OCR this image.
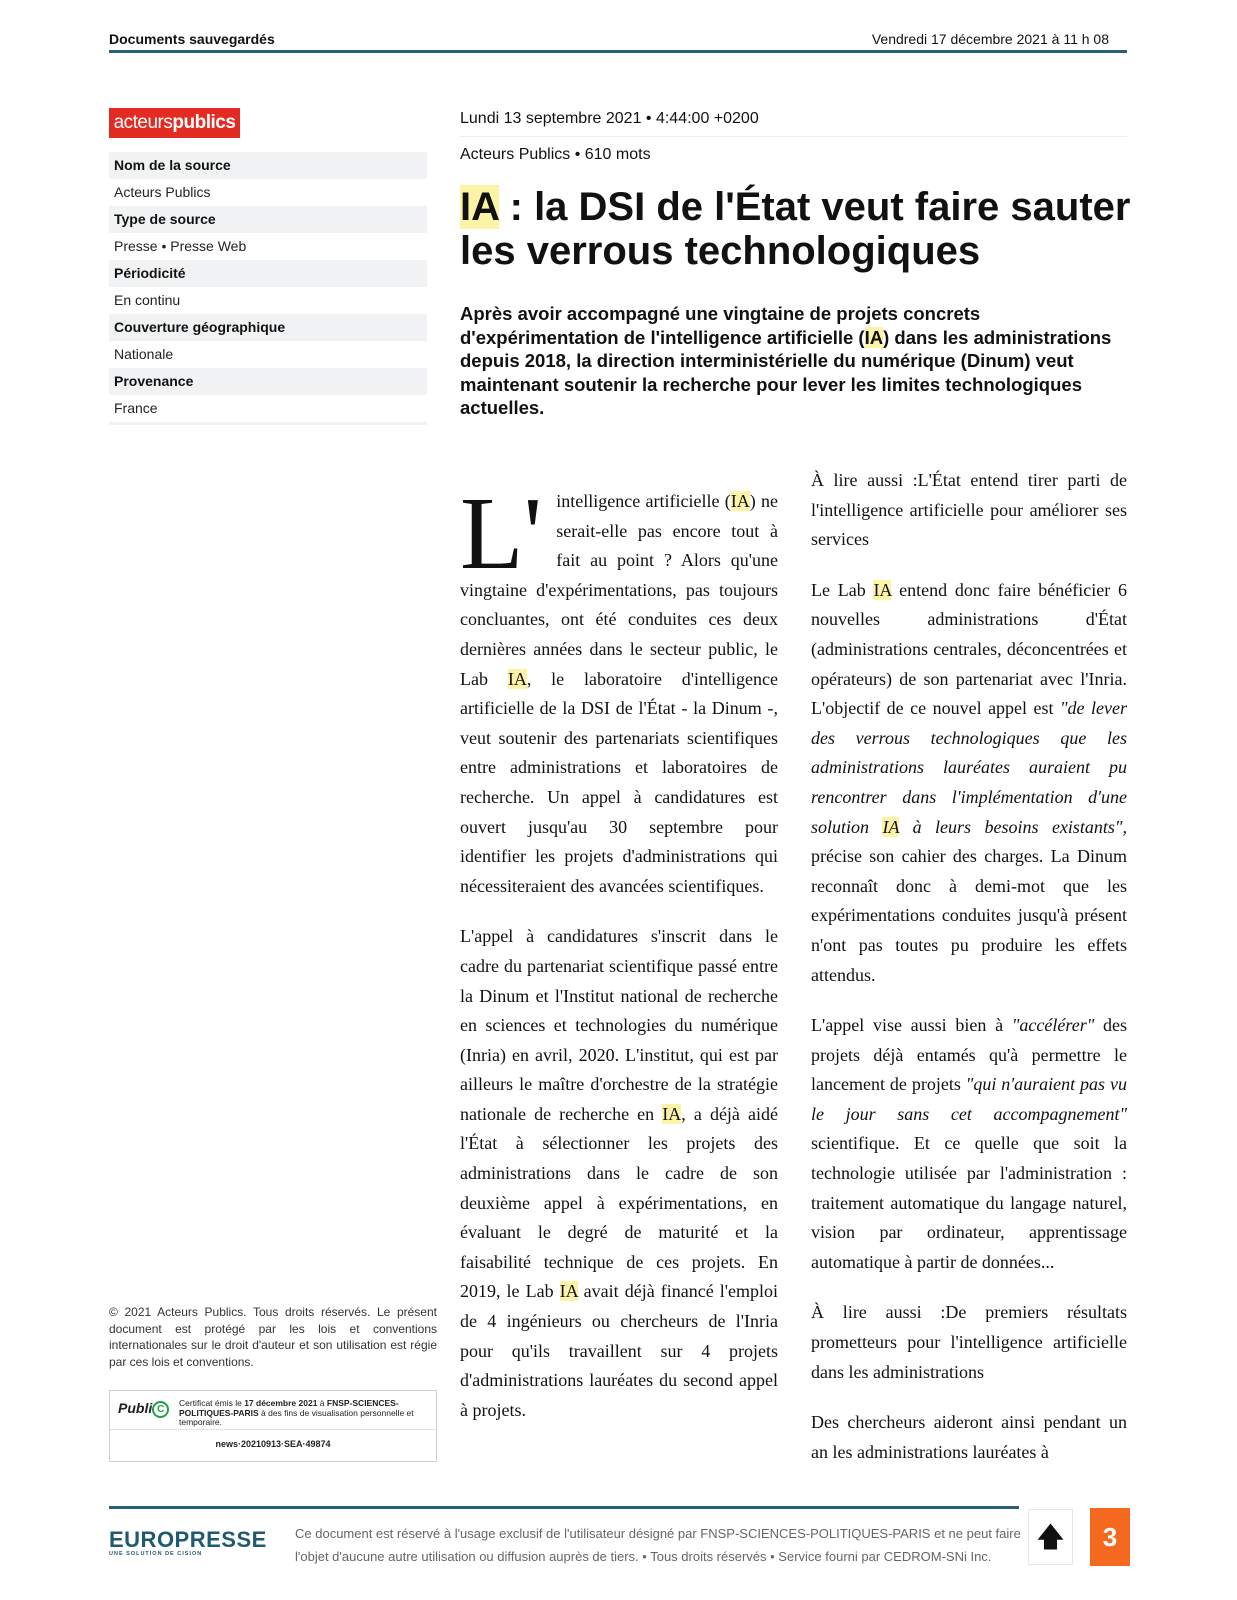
Documents sauvegardés	Vendredi 17 décembre 2021 à 11 h 08
acteurspublics
Nom de la source
Acteurs Publics
Type de source
Presse • Presse Web
Périodicité
En continu
Couverture géographique
Nationale
Provenance
France
Lundi 13 septembre 2021 • 4:44:00 +0200
Acteurs Publics • 610 mots
IA : la DSI de l'État veut faire sauter les verrous technologiques
Après avoir accompagné une vingtaine de projets concrets d'expérimentation de l'intelligence artificielle (IA) dans les administrations depuis 2018, la direction interministérielle du numérique (Dinum) veut maintenant soutenir la recherche pour lever les limites technologiques actuelles.

L' intelligence artificielle (IA) ne serait-elle pas encore tout à fait au point ? Alors qu'une vingtaine d'expérimentations, pas toujours concluantes, ont été conduites ces deux dernières années dans le secteur public, le Lab IA, le laboratoire d'intelligence artificielle de la DSI de l'État - la Dinum -, veut soutenir des partenariats scientifiques entre administrations et laboratoires de recherche. Un appel à candidatures est ouvert jusqu'au 30 septembre pour identifier les projets d'administrations qui nécessiteraient des avancées scientifiques.

L'appel à candidatures s'inscrit dans le cadre du partenariat scientifique passé entre la Dinum et l'Institut national de recherche en sciences et technologies du numérique (Inria) en avril, 2020. L'institut, qui est par ailleurs le maître d'orchestre de la stratégie nationale de recherche en IA, a déjà aidé l'État à sélectionner les projets des administrations dans le cadre de son deuxième appel à expérimentations, en évaluant le degré de maturité et la faisabilité technique de ces projets. En 2019, le Lab IA avait déjà financé l'emploi de 4 ingénieurs ou chercheurs de l'Inria pour qu'ils travaillent sur 4 projets d'administrations lauréates du second appel à projets.

À lire aussi :L'État entend tirer parti de l'intelligence artificielle pour améliorer ses services

Le Lab IA entend donc faire bénéficier 6 nouvelles administrations d'État (administrations centrales, déconcentrées et opérateurs) de son partenariat avec l'Inria. L'objectif de ce nouvel appel est "de lever des verrous technologiques que les administrations lauréates auraient pu rencontrer dans l'implémentation d'une solution IA à leurs besoins existants", précise son cahier des charges. La Dinum reconnaît donc à demi-mot que les expérimentations conduites jusqu'à présent n'ont pas toutes pu produire les effets attendus.

L'appel vise aussi bien à "accélérer" des projets déjà entamés qu'à permettre le lancement de projets "qui n'auraient pas vu le jour sans cet accompagnement" scientifique. Et ce quelle que soit la technologie utilisée par l'administration : traitement automatique du langage naturel, vision par ordinateur, apprentissage automatique à partir de données...

À lire aussi :De premiers résultats prometteurs pour l'intelligence artificielle dans les administrations

Des chercheurs aideront ainsi pendant un an les administrations lauréates à

© 2021 Acteurs Publics. Tous droits réservés. Le présent document est protégé par les lois et conventions internationales sur le droit d'auteur et son utilisation est régie par ces lois et conventions.
Publi C
Certificat émis le 17 décembre 2021 à FNSP-SCIENCES-POLITIQUES-PARIS à des fins de visualisation personnelle et temporaire.
news·20210913·SEA·49874
EUROPRESSE
UNE SOLUTION DE CISION
Ce document est réservé à l'usage exclusif de l'utilisateur désigné par FNSP-SCIENCES-POLITIQUES-PARIS et ne peut faire l'objet d'aucune autre utilisation ou diffusion auprès de tiers. • Tous droits réservés • Service fourni par CEDROM-SNi Inc.
🡅	3
